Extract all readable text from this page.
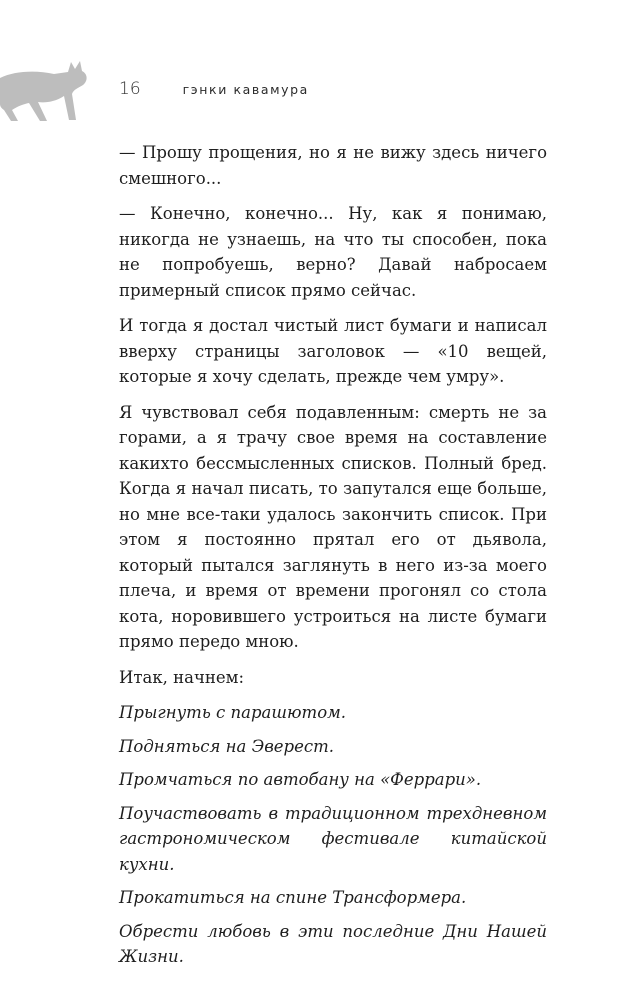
16	гэнки кавамура

— Прошу прощения, но я не вижу здесь ничего смешного...

— Конечно, конечно... Ну, как я понимаю, никогда не узнаешь, на что ты способен, пока не попробуешь, верно? Давай набросаем примерный список прямо сейчас.

И тогда я достал чистый лист бумаги и написал вверху страницы заголовок — «10 вещей, которые я хочу сделать, прежде чем умру».

Я чувствовал себя подавленным: смерть не за горами, а я трачу свое время на составление какихто бессмысленных списков. Полный бред. Когда я начал писать, то запутался еще больше, но мне все-таки удалось закончить список. При этом я постоянно прятал его от дьявола, который пытался заглянуть в него из-за моего плеча, и время от времени прогонял со стола кота, норовившего устроиться на листе бумаги прямо передо мною.

Итак, начнем:

Прыгнуть с парашютом.

Подняться на Эверест.

Промчаться по автобану на «Феррари».

Поучаствовать в традиционном трехдневном гастрономическом фестивале китайской кухни.

Прокатиться на спине Трансформера.

Обрести любовь в эти последние Дни Нашей Жизни.
